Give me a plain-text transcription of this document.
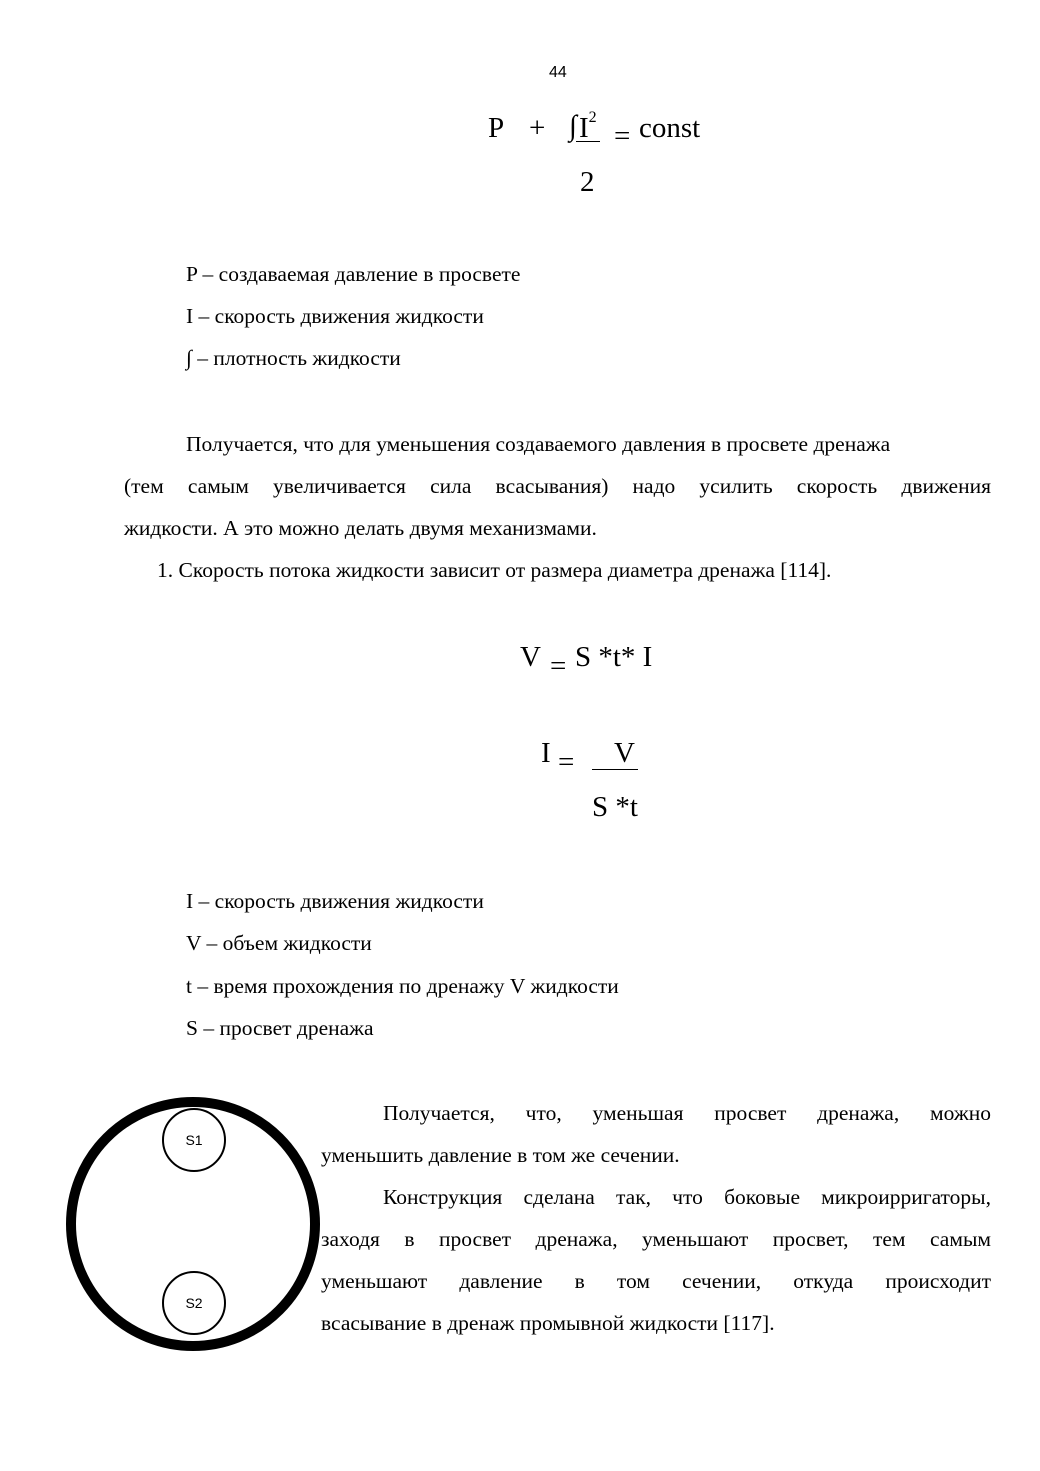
44
P + ∫ $I^2$
= const
2
P – создаваемая давление в просвете
I – скорость движения жидкости
∫ – плотность жидкости
Получается, что для уменьшения создаваемого давления в просвете дренажа
(тем самым увеличивается сила всасывания) надо усилить скорость движения
жидкости. А это можно делать двумя механизмами.
1. Скорость потока жидкости зависит от размера диаметра дренажа [114].
V = S *t* I
I = V
S *t
I – скорость движения жидкости
V – объем жидкости
t – время прохождения по дренажу V жидкости
S – просвет дренажа
S1
S2
Получается, что, уменьшая просвет дренажа, можно
уменьшить давление в том же сечении.
Конструкция сделана так, что боковые микроирригаторы,
заходя в просвет дренажа, уменьшают просвет, тем самым
уменьшают давление в том сечении, откуда происходит
всасывание в дренаж промывной жидкости [117].
